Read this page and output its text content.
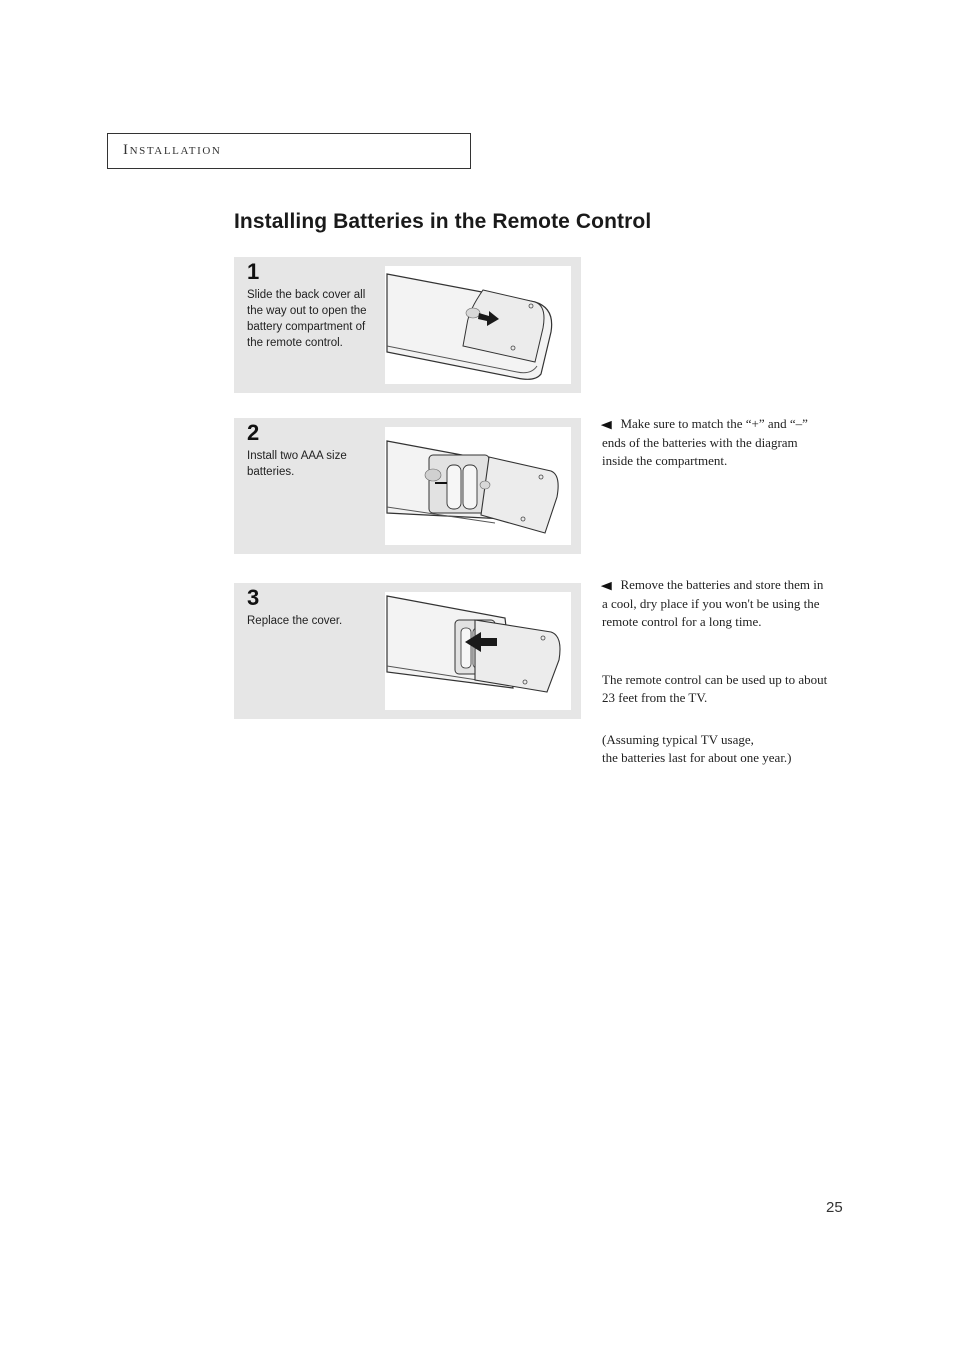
Installation
Installing Batteries in the Remote Control
1
Slide the back cover all the way out to open the battery compartment of the remote control.
2
Install two AAA size batteries.
3
Replace the cover.
◀ Make sure to match the “+” and “–” ends of the batteries with the diagram inside the compartment.
◀ Remove the batteries and store them in a cool, dry place if you won't be using the remote control for a long time.
The remote control can be used up to about 23 feet from the TV.
(Assuming typical TV usage,
the batteries last for about one year.)
25
